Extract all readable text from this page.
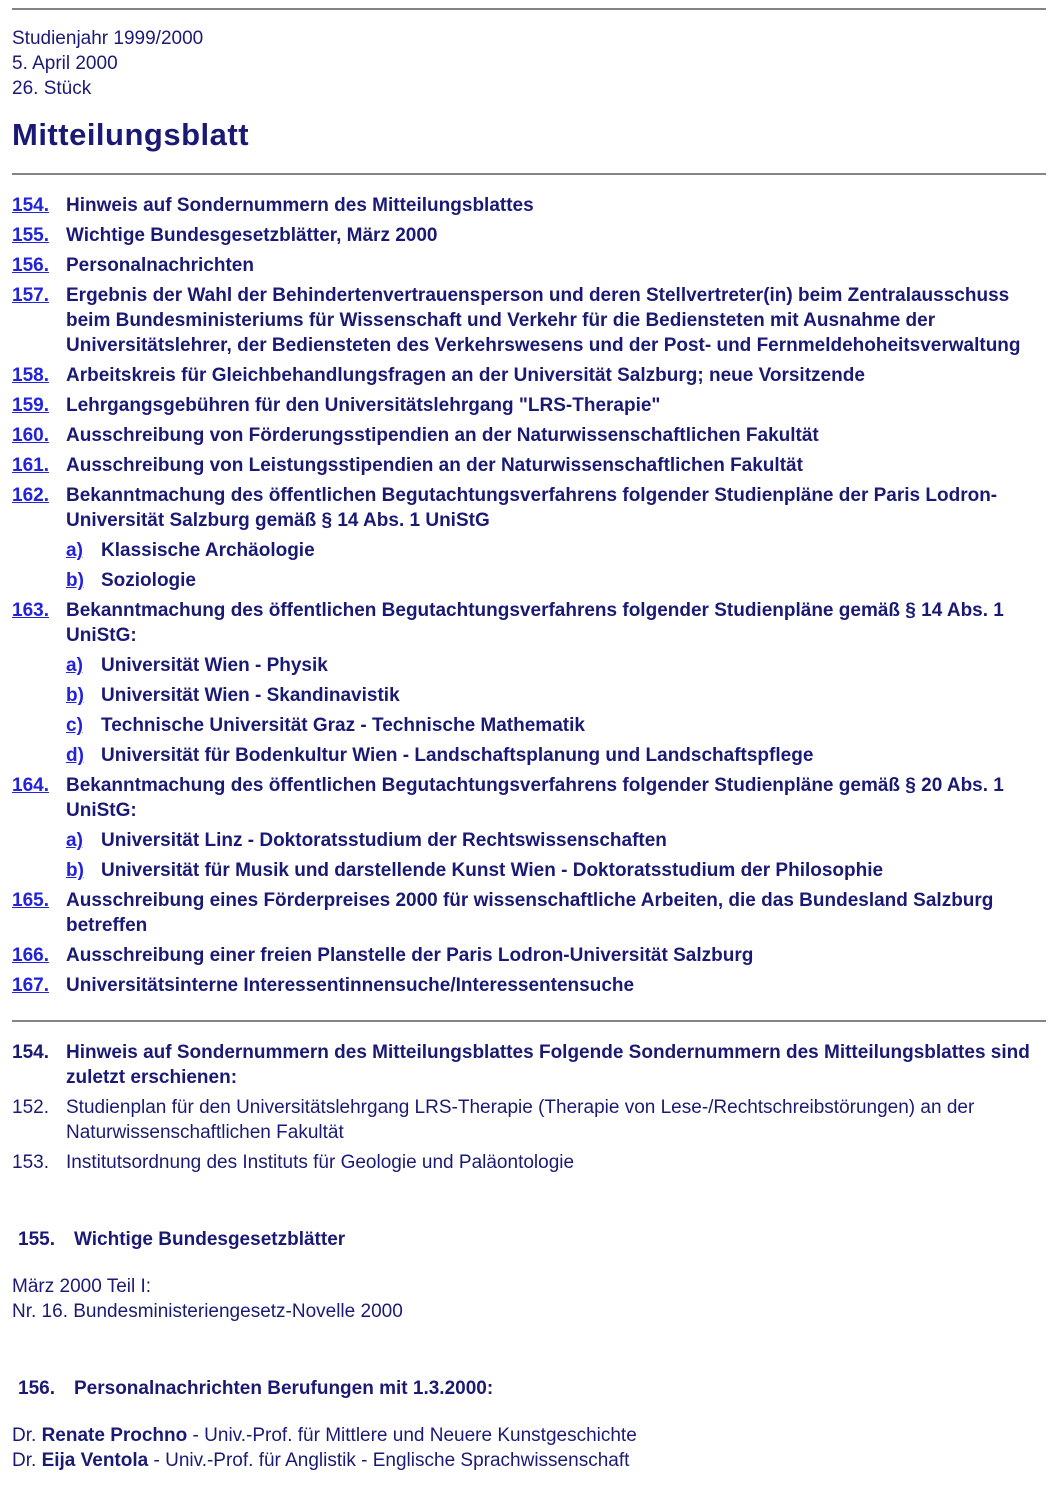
Studienjahr 1999/2000
5. April 2000
26. Stück
Mitteilungsblatt
154. Hinweis auf Sondernummern des Mitteilungsblattes
155. Wichtige Bundesgesetzblätter, März 2000
156. Personalnachrichten
157. Ergebnis der Wahl der Behindertenvertrauensperson und deren Stellvertreter(in) beim Zentralausschuss beim Bundesministeriums für Wissenschaft und Verkehr für die Bediensteten mit Ausnahme der Universitätslehrer, der Bediensteten des Verkehrswesens und der Post- und Fernmeldehoheitsverwaltung
158. Arbeitskreis für Gleichbehandlungsfragen an der Universität Salzburg; neue Vorsitzende
159. Lehrgangsgebühren für den Universitätslehrgang "LRS-Therapie"
160. Ausschreibung von Förderungsstipendien an der Naturwissenschaftlichen Fakultät
161. Ausschreibung von Leistungsstipendien an der Naturwissenschaftlichen Fakultät
162. Bekanntmachung des öffentlichen Begutachtungsverfahrens folgender Studienpläne der Paris Lodron-Universität Salzburg gemäß § 14 Abs. 1 UniStG
a) Klassische Archäologie
b) Soziologie
163. Bekanntmachung des öffentlichen Begutachtungsverfahrens folgender Studienpläne gemäß § 14 Abs. 1 UniStG:
a) Universität Wien - Physik
b) Universität Wien - Skandinavistik
c) Technische Universität Graz - Technische Mathematik
d) Universität für Bodenkultur Wien - Landschaftsplanung und Landschaftspflege
164. Bekanntmachung des öffentlichen Begutachtungsverfahrens folgender Studienpläne gemäß § 20 Abs. 1 UniStG:
a) Universität Linz - Doktoratsstudium der Rechtswissenschaften
b) Universität für Musik und darstellende Kunst Wien - Doktoratsstudium der Philosophie
165. Ausschreibung eines Förderpreises 2000 für wissenschaftliche Arbeiten, die das Bundesland Salzburg betreffen
166. Ausschreibung einer freien Planstelle der Paris Lodron-Universität Salzburg
167. Universitätsinterne Interessentinnensuche/Interessentensuche
154. Hinweis auf Sondernummern des Mitteilungsblattes Folgende Sondernummern des Mitteilungsblattes sind zuletzt erschienen:
152. Studienplan für den Universitätslehrgang LRS-Therapie (Therapie von Lese-/Rechtschreibstörungen) an der Naturwissenschaftlichen Fakultät
153. Institutsordnung des Instituts für Geologie und Paläontologie
155.	Wichtige Bundesgesetzblätter
März 2000 Teil I:
Nr. 16. Bundesministeriengesetz-Novelle 2000
156.	Personalnachrichten Berufungen mit 1.3.2000:
Dr. Renate Prochno - Univ.-Prof. für Mittlere und Neuere Kunstgeschichte
Dr. Eija Ventola - Univ.-Prof. für Anglistik - Englische Sprachwissenschaft
